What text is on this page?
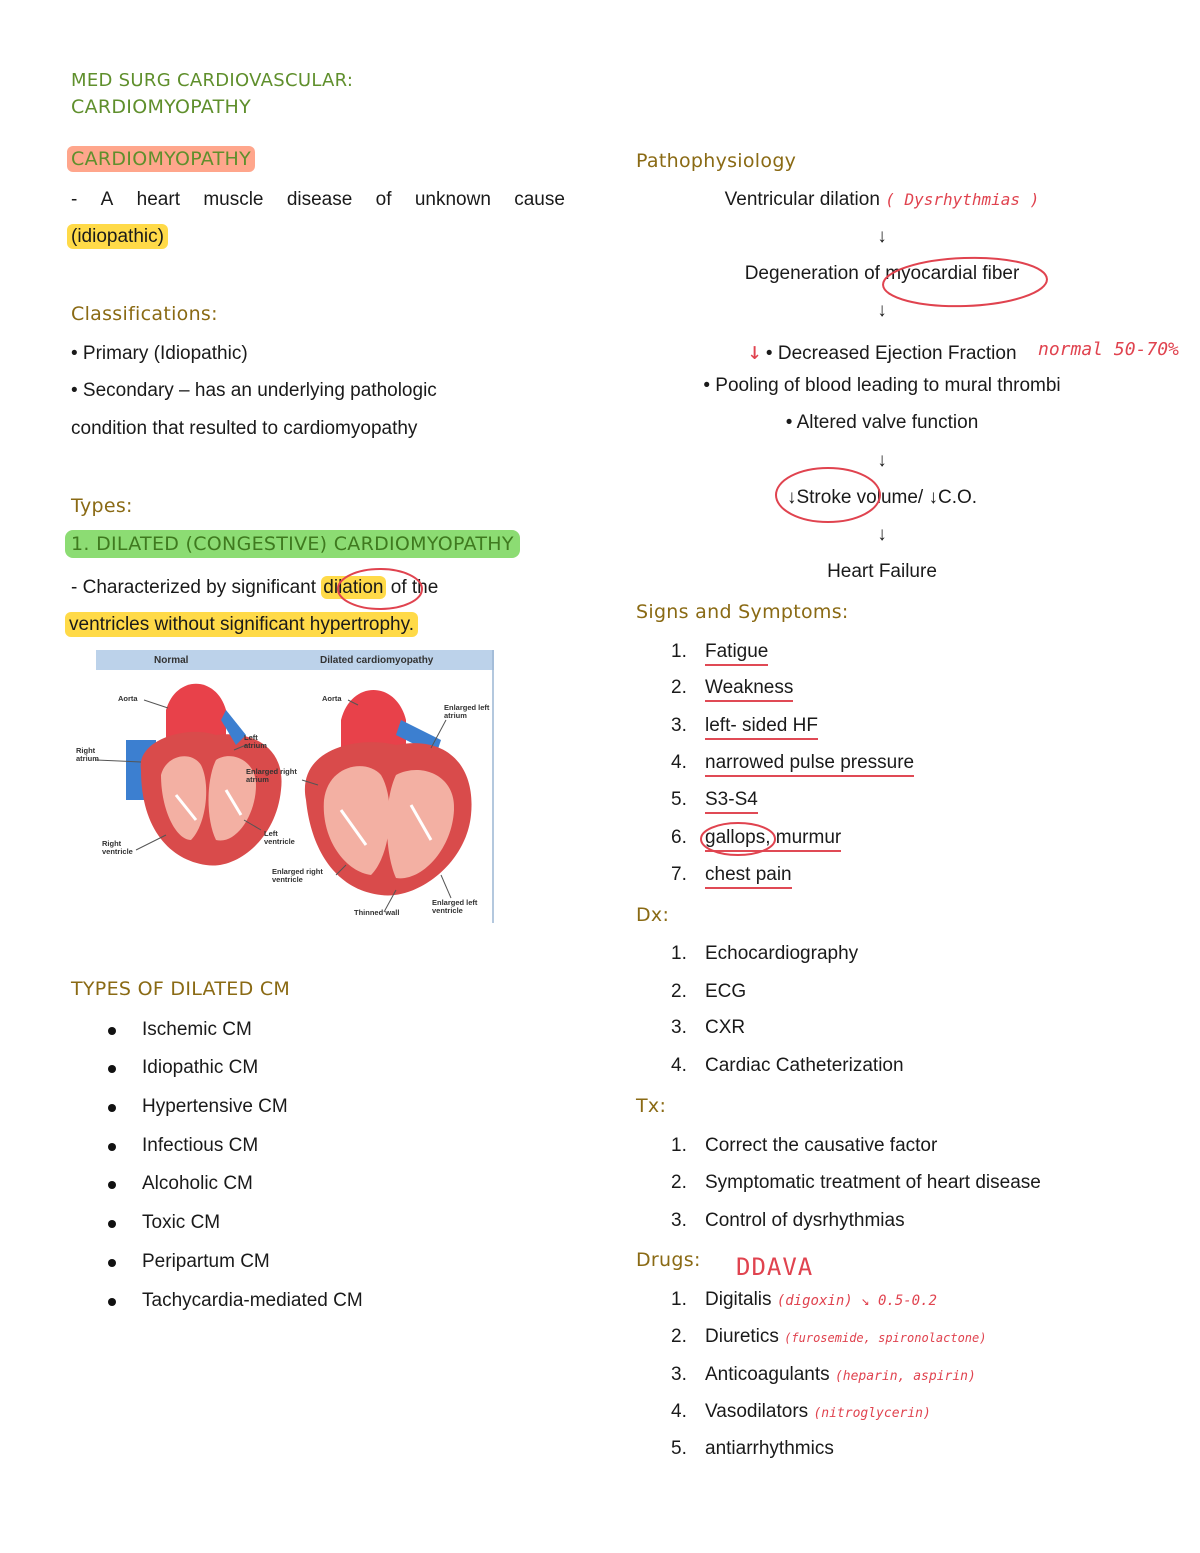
MED SURG CARDIOVASCULAR:
CARDIOMYOPATHY
CARDIOMYOPATHY
- A heart muscle disease of unknown cause
(idiopathic)
Classifications:
• Primary (Idiopathic)
• Secondary – has an underlying pathologic
condition that resulted to cardiomyopathy
Types:
1. DILATED (CONGESTIVE) CARDIOMYOPATHY
- Characterized by significant dilation of the
ventricles without significant hypertrophy.
Normal	Dilated cardiomyopathy
Aorta
Left atrium
Right atrium
Left ventricle
Right ventricle
Aorta
Enlarged left atrium
Enlarged right atrium
Enlarged right ventricle
Thinned wall
Enlarged left ventricle
TYPES OF DILATED CM
Ischemic CM
Idiopathic CM
Hypertensive CM
Infectious CM
Alcoholic CM
Toxic CM
Peripartum CM
Tachycardia-mediated CM
Pathophysiology
Ventricular dilation ( Dysrhythmias )
↓
Degeneration of myocardial fiber
↓
↓ • Decreased Ejection Fraction normal 50-70%
• Pooling of blood leading to mural thrombi
• Altered valve function
↓
↓Stroke volume/ ↓C.O.
↓
Heart Failure
Signs and Symptoms:
1. Fatigue
2. Weakness
3. left- sided HF
4. narrowed pulse pressure
5. S3-S4
6. gallops, murmur
7. chest pain
Dx:
1. Echocardiography
2. ECG
3. CXR
4. Cardiac Catheterization
Tx:
1. Correct the causative factor
2. Symptomatic treatment of heart disease
3. Control of dysrhythmias
Drugs: DDAVA
1. Digitalis (digoxin) ↘ 0.5-0.2
2. Diuretics (furosemide, spironolactone)
3. Anticoagulants (heparin, aspirin)
4. Vasodilators (nitroglycerin)
5. antiarrhythmics
